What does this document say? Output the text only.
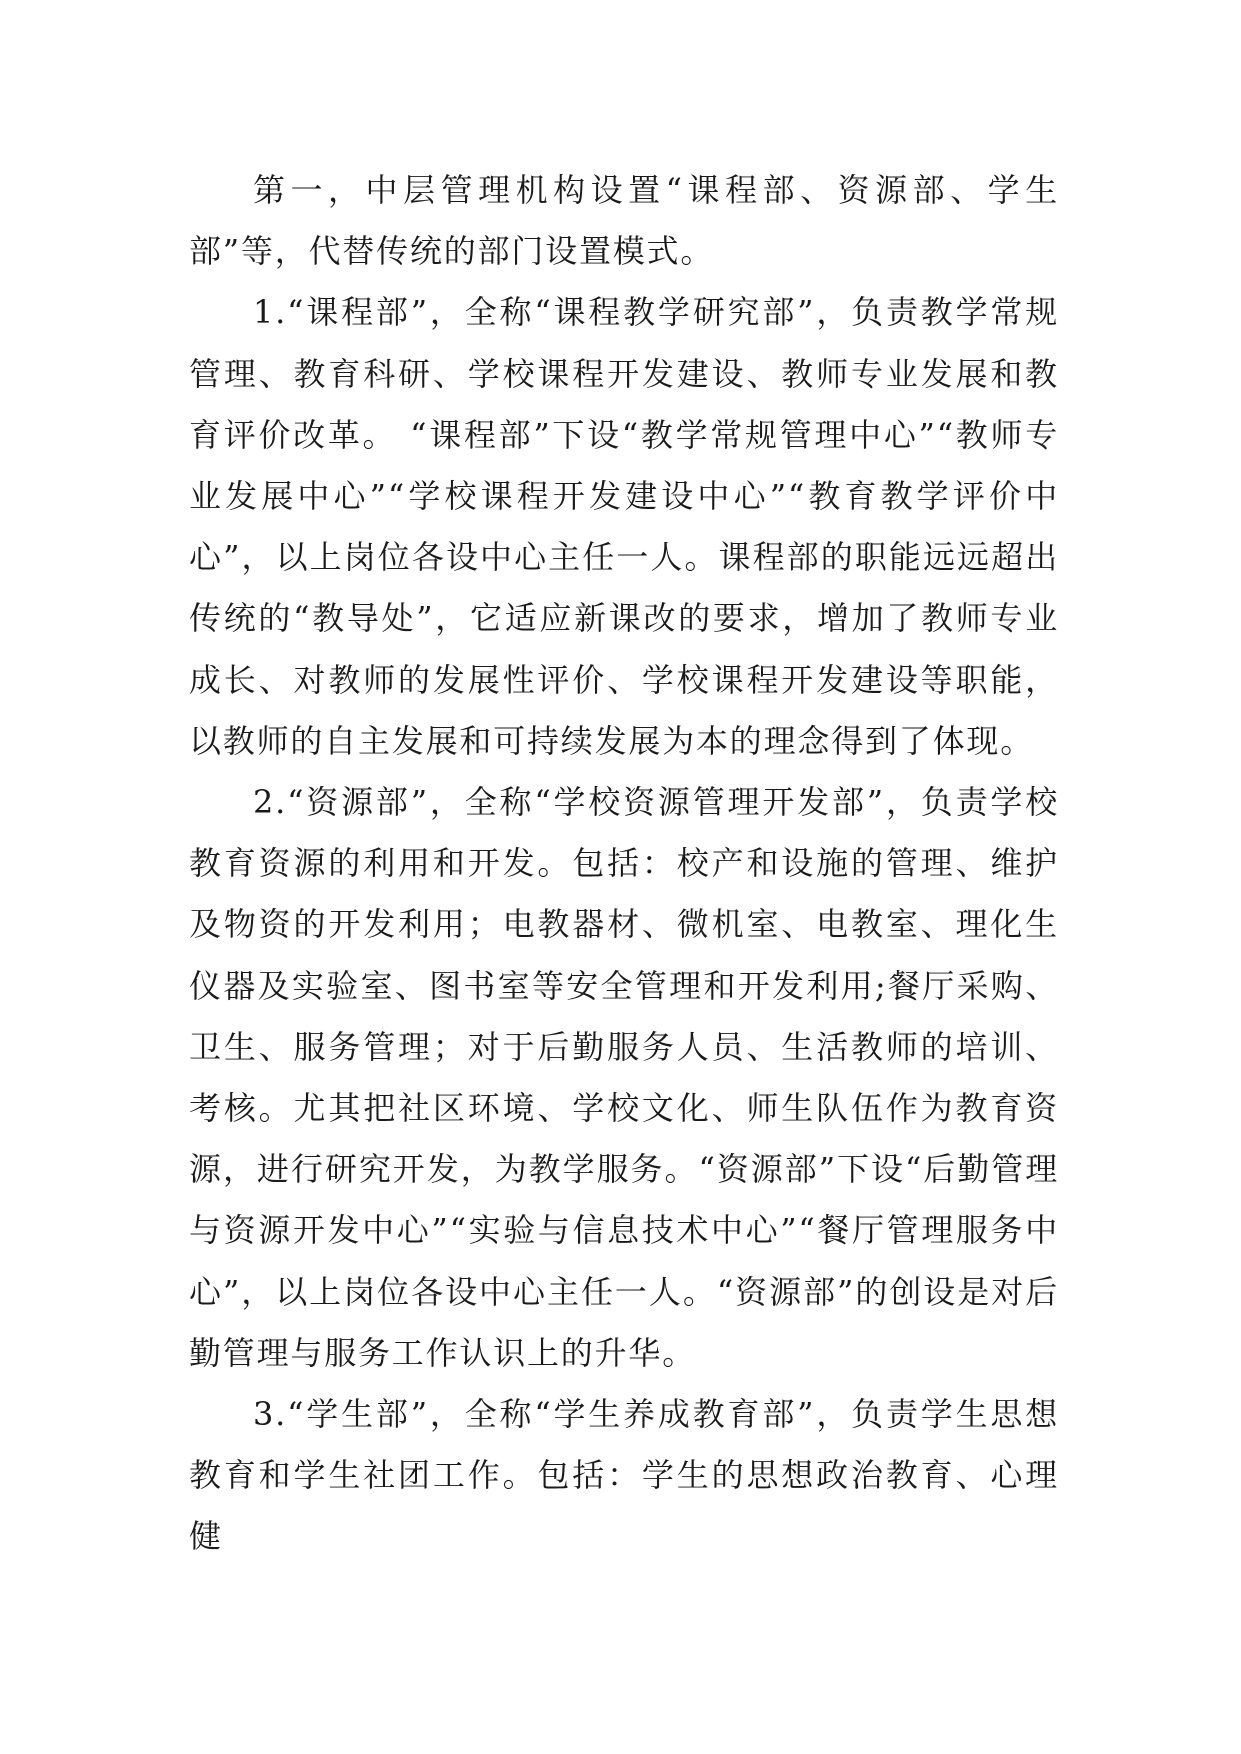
第一，中层管理机构设置“课程部、资源部、学生部”等，代替传统的部门设置模式。

1.“课程部”，全称“课程教学研究部”，负责教学常规管理、教育科研、学校课程开发建设、教师专业发展和教育评价改革。 “课程部”下设“教学常规管理中心”“教师专业发展中心”“学校课程开发建设中心”“教育教学评价中心”，以上岗位各设中心主任一人。课程部的职能远远超出传统的“教导处”，它适应新课改的要求，增加了教师专业成长、对教师的发展性评价、学校课程开发建设等职能，以教师的自主发展和可持续发展为本的理念得到了体现。

2.“资源部”，全称“学校资源管理开发部”，负责学校教育资源的利用和开发。包括：校产和设施的管理、维护及物资的开发利用；电教器材、微机室、电教室、理化生仪器及实验室、图书室等安全管理和开发利用;餐厅采购、卫生、服务管理；对于后勤服务人员、生活教师的培训、考核。尤其把社区环境、学校文化、师生队伍作为教育资源，进行研究开发，为教学服务。“资源部”下设“后勤管理与资源开发中心”“实验与信息技术中心”“餐厅管理服务中心”，以上岗位各设中心主任一人。“资源部”的创设是对后勤管理与服务工作认识上的升华。

3.“学生部”，全称“学生养成教育部”，负责学生思想教育和学生社团工作。包括：学生的思想政治教育、心理健
